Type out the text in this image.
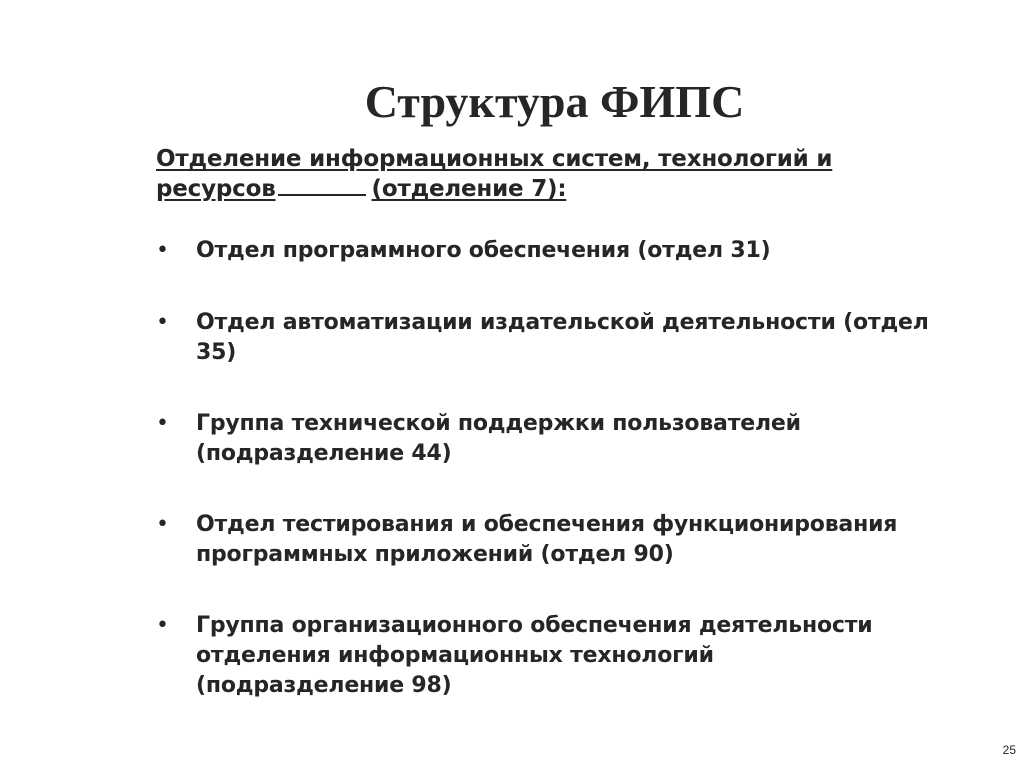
Структура ФИПС
Отделение информационных систем, технологий и
ресурсов	(отделение 7):
•	Отдел программного обеспечения (отдел 31)
•	Отдел автоматизации издательской деятельности (отдел
35)
•	Группа технической поддержки пользователей
(подразделение 44)
•	Отдел тестирования и обеспечения функционирования
программных приложений (отдел 90)
•	Группа организационного обеспечения деятельности
отделения информационных технологий
(подразделение 98)
25
